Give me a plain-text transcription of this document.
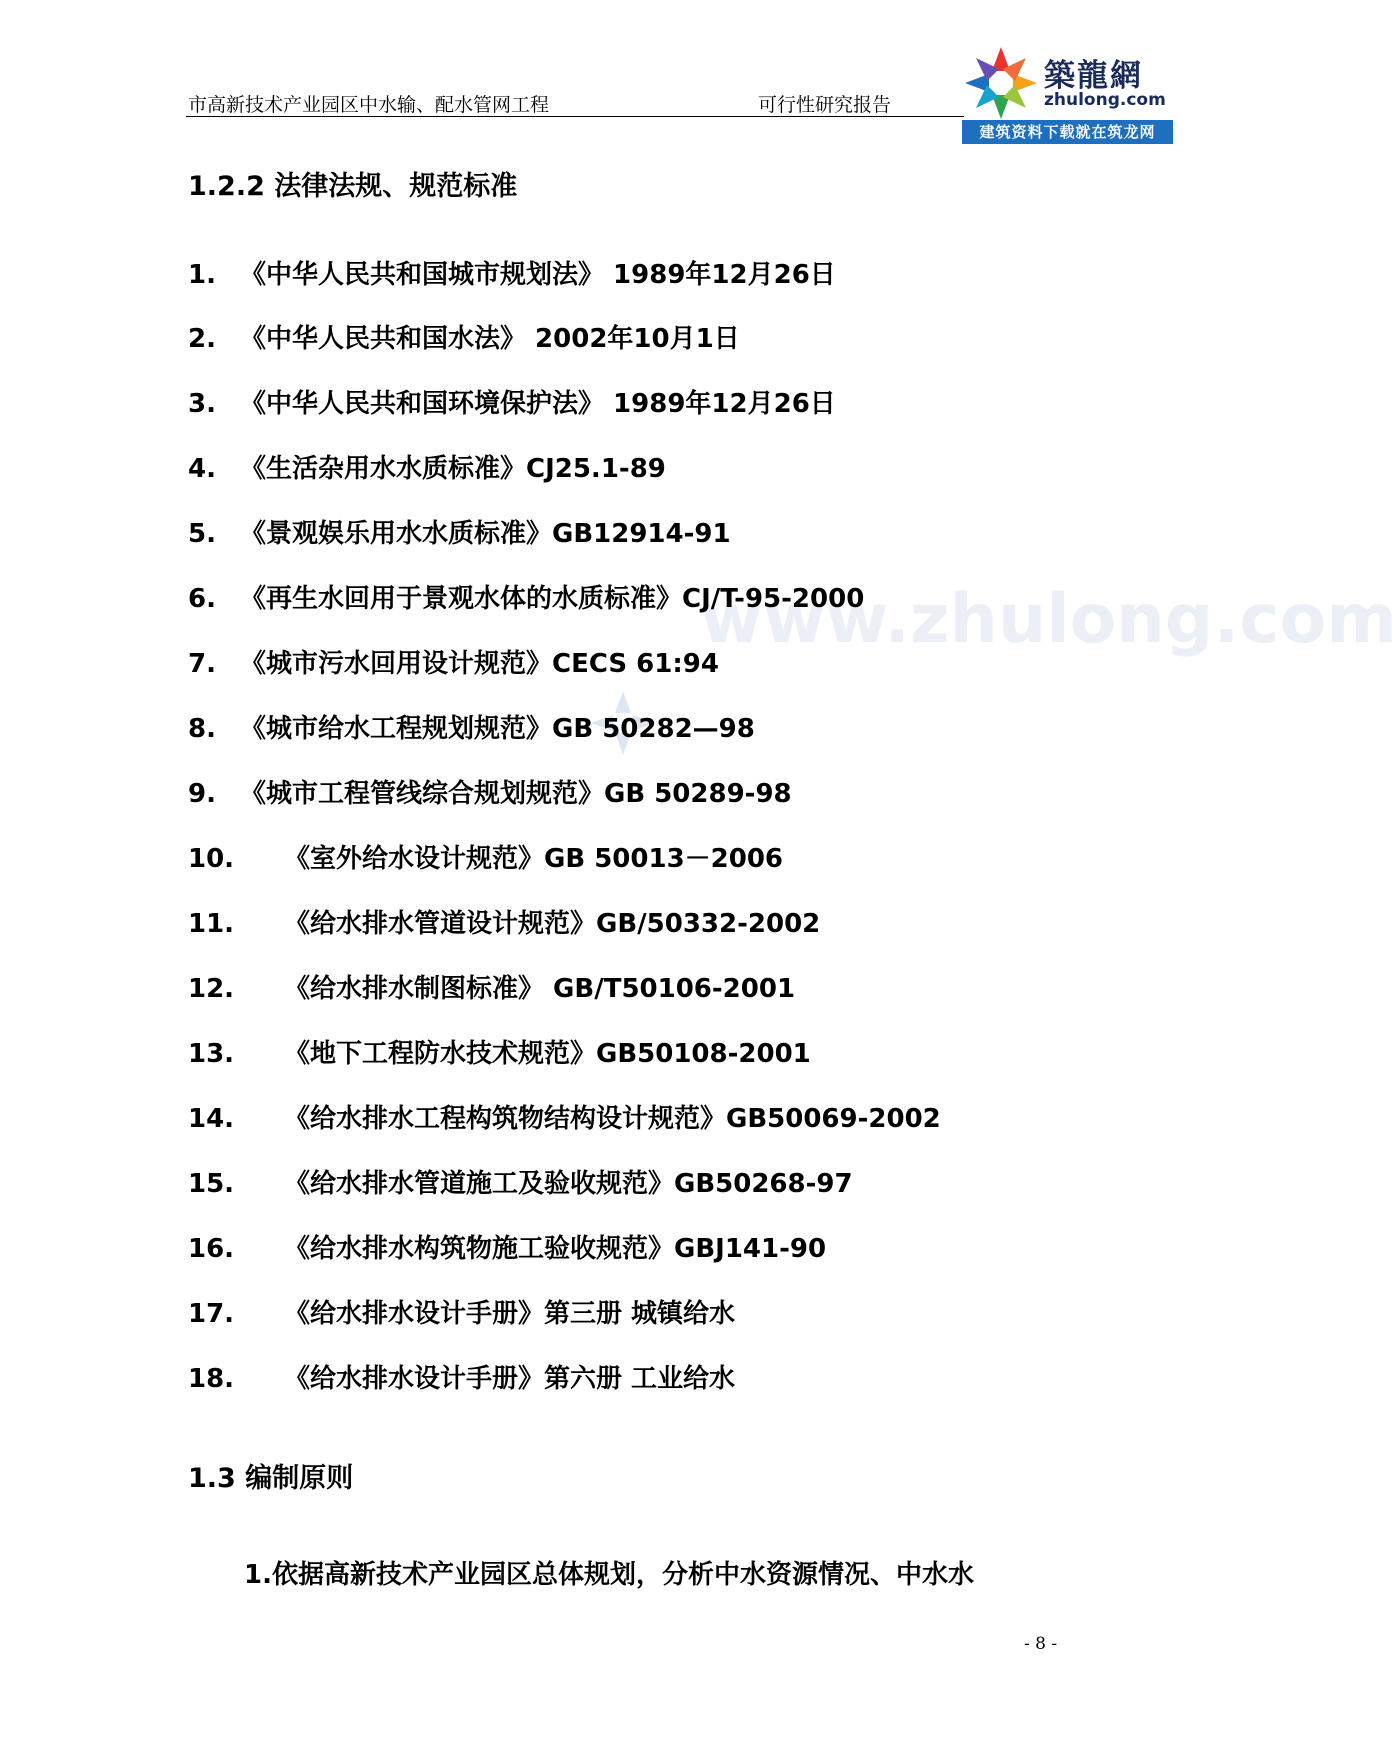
市高新技术产业园区中水输、配水管网工程	可行性研究报告
築龍網
zhulong.com
建筑资料下载就在筑龙网
www.zhulong.com
1.2.2 法律法规、规范标准
1. 《中华人民共和国城市规划法》 1989年12月26日
2. 《中华人民共和国水法》 2002年10月1日
3. 《中华人民共和国环境保护法》 1989年12月26日
4. 《生活杂用水水质标准》CJ25.1-89
5. 《景观娱乐用水水质标准》GB12914-91
6. 《再生水回用于景观水体的水质标准》CJ/T-95-2000
7. 《城市污水回用设计规范》CECS 61:94
8. 《城市给水工程规划规范》GB 50282—98
9. 《城市工程管线综合规划规范》GB 50289-98
10. 《室外给水设计规范》GB 50013－2006
11. 《给水排水管道设计规范》GB/50332-2002
12. 《给水排水制图标准》 GB/T50106-2001
13. 《地下工程防水技术规范》GB50108-2001
14. 《给水排水工程构筑物结构设计规范》GB50069-2002
15. 《给水排水管道施工及验收规范》GB50268-97
16. 《给水排水构筑物施工验收规范》GBJ141-90
17. 《给水排水设计手册》第三册 城镇给水
18. 《给水排水设计手册》第六册 工业给水
1.3 编制原则
1.依据高新技术产业园区总体规划，分析中水资源情况、中水水
- 8 -
